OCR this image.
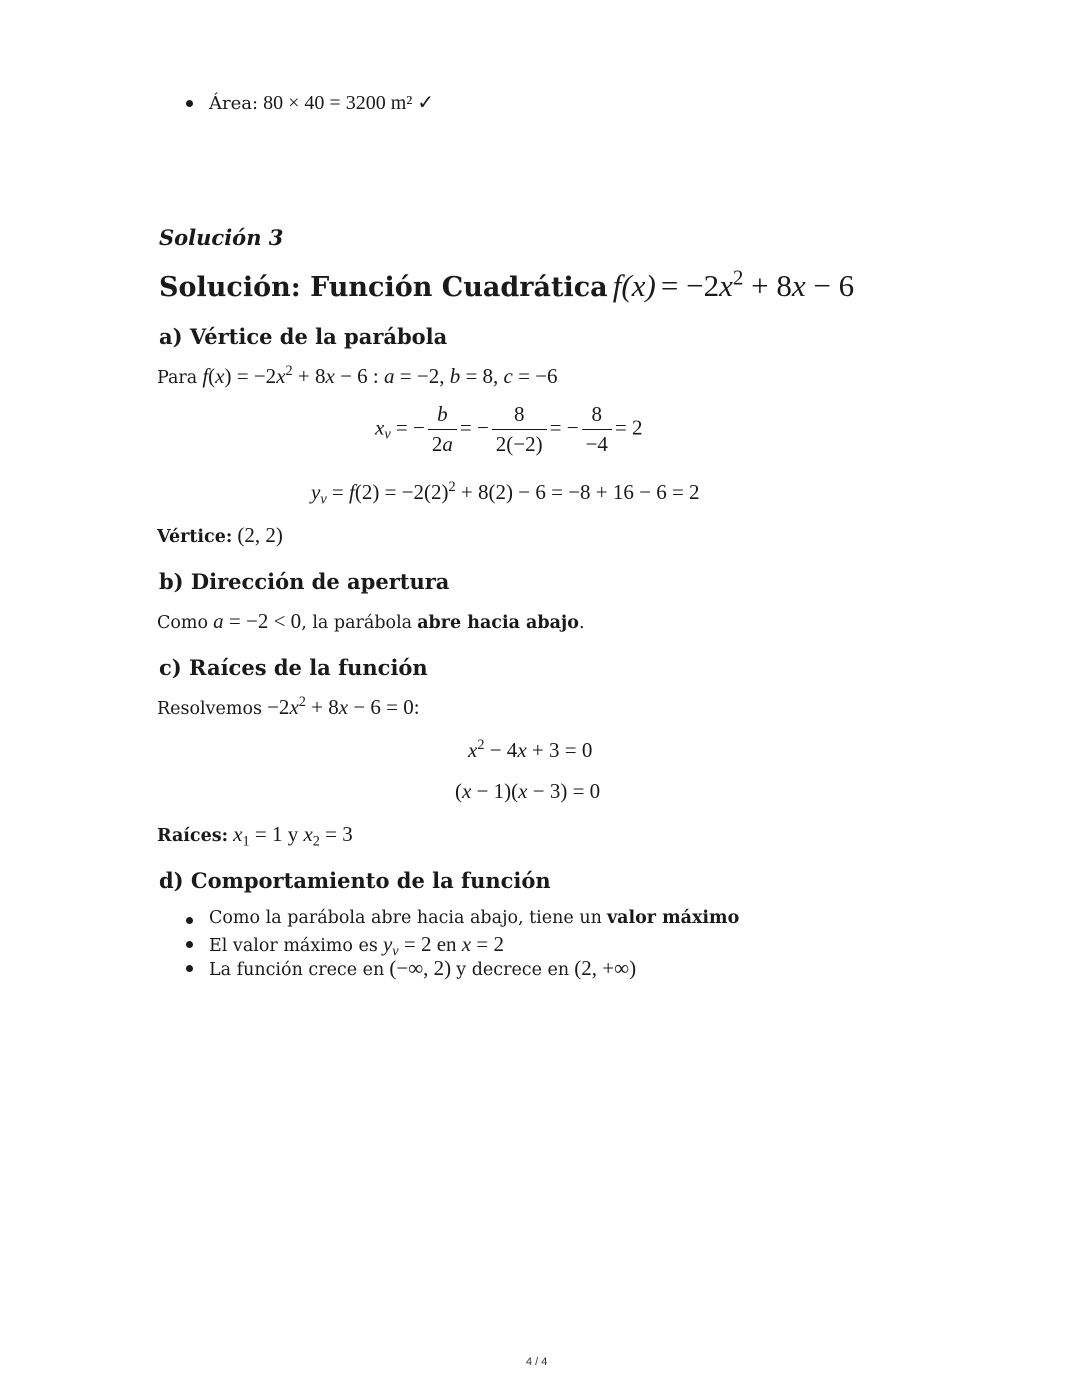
Área: 80 × 40 = 3200 m² ✓
Solución 3
Solución: Función Cuadrática $f(x) = -2x^2 + 8x - 6$
a) Vértice de la parábola
Para $f(x) = -2x^2 + 8x - 6$ : a = −2, b = 8, c = −6
$x_v$ = − $\frac{b}{2a}$ = − $\frac{8}{2(-2)}$ = − $\frac{8}{-4} = 2$
$y_v = f(2) = -2(2)^2 + 8(2) - 6 = -8 + 16 - 6 = 2$
Vértice: (2, 2)
b) Dirección de apertura
Como a = −2 < 0, la parábola abre hacia abajo.
c) Raíces de la función
Resolvemos $-2x^2 + 8x - 6 = 0$:
$x^2 - 4x + 3 = 0$
(x − 1)(x − 3) = 0
Raíces: $x_1 = 1$ y $x_2 = 3$
d) Comportamiento de la función
Como la parábola abre hacia abajo, tiene un valor máximo
El valor máximo es $y_v = 2$ en x = 2
La función crece en (−∞, 2) y decrece en (2, +∞)
4 / 4
